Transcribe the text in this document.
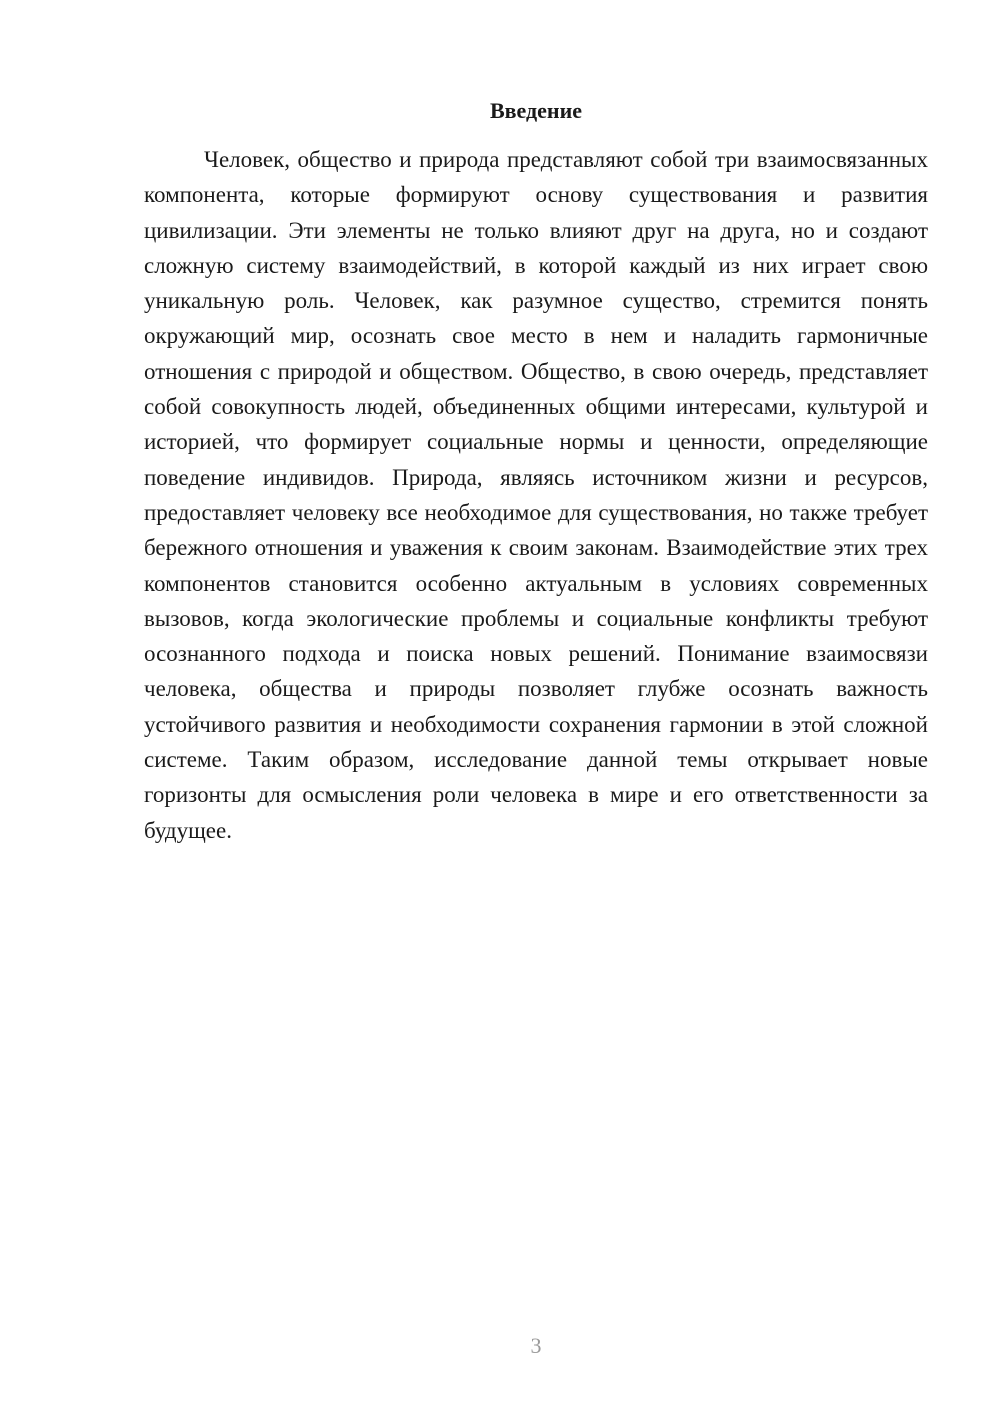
Введение

Человек, общество и природа представляют собой три взаимосвязанных компонента, которые формируют основу существования и развития цивилизации. Эти элементы не только влияют друг на друга, но и создают сложную систему взаимодействий, в которой каждый из них играет свою уникальную роль. Человек, как разумное существо, стремится понять окружающий мир, осознать свое место в нем и наладить гармоничные отношения с природой и обществом. Общество, в свою очередь, представляет собой совокупность людей, объединенных общими интересами, культурой и историей, что формирует социальные нормы и ценности, определяющие поведение индивидов. Природа, являясь источником жизни и ресурсов, предоставляет человеку все необходимое для существования, но также требует бережного отношения и уважения к своим законам. Взаимодействие этих трех компонентов становится особенно актуальным в условиях современных вызовов, когда экологические проблемы и социальные конфликты требуют осознанного подхода и поиска новых решений. Понимание взаимосвязи человека, общества и природы позволяет глубже осознать важность устойчивого развития и необходимости сохранения гармонии в этой сложной системе. Таким образом, исследование данной темы открывает новые горизонты для осмысления роли человека в мире и его ответственности за будущее.

3
